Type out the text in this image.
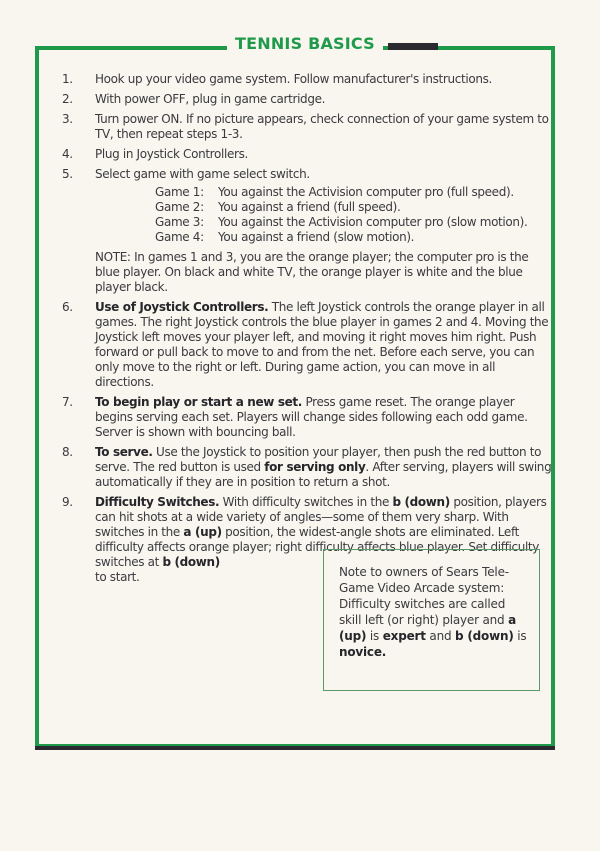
TENNIS BASICS
1.	Hook up your video game system. Follow manufacturer's instructions.
2.	With power OFF, plug in game cartridge.
3.	Turn power ON. If no picture appears, check connection of your game system to TV, then repeat steps 1-3.
4.	Plug in Joystick Controllers.
5.	Select game with game select switch.
Game 1: You against the Activision computer pro (full speed).
Game 2: You against a friend (full speed).
Game 3: You against the Activision computer pro (slow motion).
Game 4: You against a friend (slow motion).
NOTE: In games 1 and 3, you are the orange player; the computer pro is the blue player. On black and white TV, the orange player is white and the blue player black.
6.	Use of Joystick Controllers. The left Joystick controls the orange player in all games. The right Joystick controls the blue player in games 2 and 4. Moving the Joystick left moves your player left, and moving it right moves him right. Push forward or pull back to move to and from the net. Before each serve, you can only move to the right or left. During game action, you can move in all directions.
7.	To begin play or start a new set. Press game reset. The orange player begins serving each set. Players will change sides following each odd game. Server is shown with bouncing ball.
8.	To serve. Use the Joystick to position your player, then push the red button to serve. The red button is used for serving only. After serving, players will swing automatically if they are in position to return a shot.
9.	Difficulty Switches. With difficulty switches in the b (down) position, players can hit shots at a wide variety of angles—some of them very sharp. With switches in the a (up) position, the widest-angle shots are eliminated. Left difficulty affects orange player; right difficulty affects blue player. Set difficulty switches at b (down)
to start.	Note to owners of Sears Tele-Game Video Arcade system:
Difficulty switches are called skill left (or right) player and a (up) is expert and b (down) is novice.
